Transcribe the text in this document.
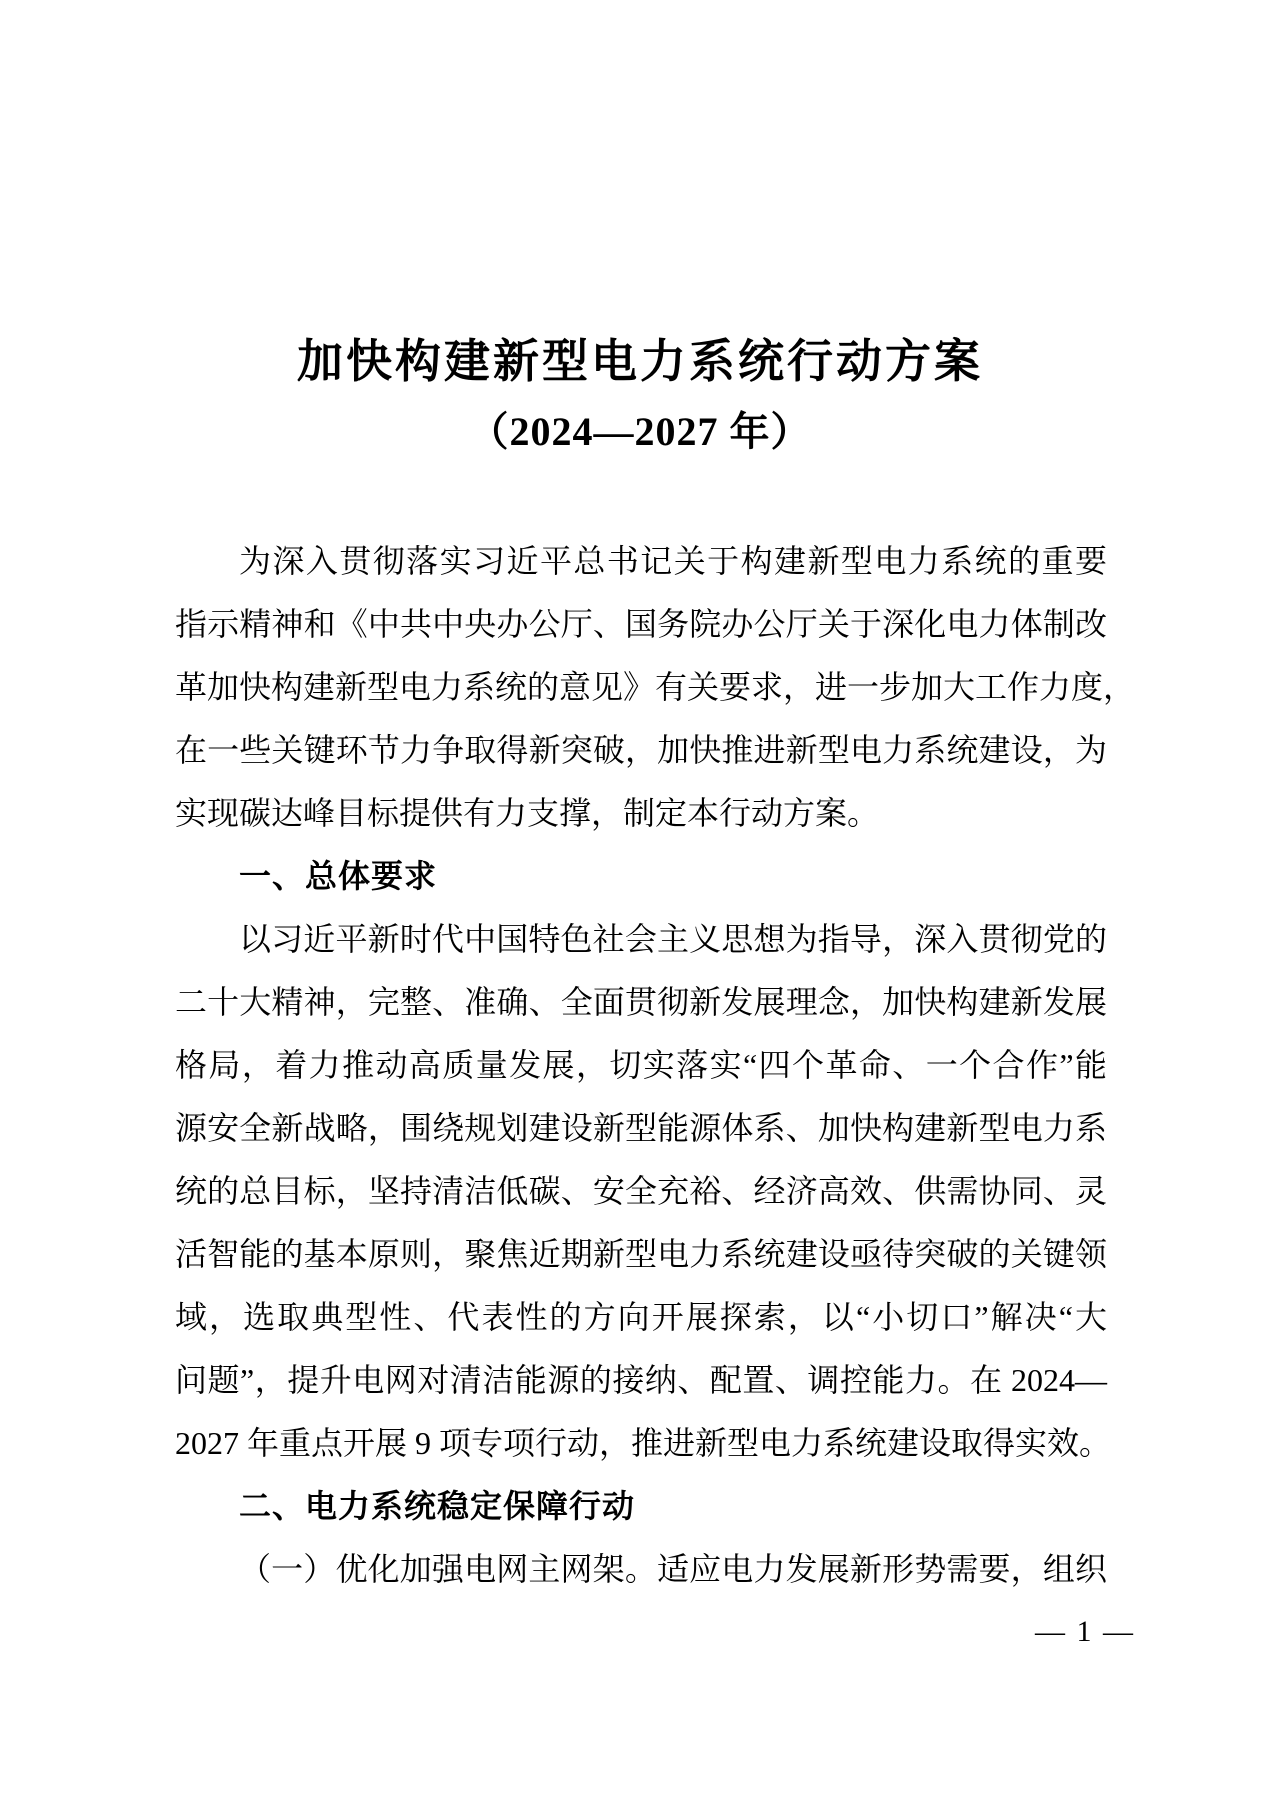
加快构建新型电力系统行动方案
（2024—2027 年）
为深入贯彻落实习近平总书记关于构建新型电力系统的重要
指示精神和《中共中央办公厅、国务院办公厅关于深化电力体制改
革加快构建新型电力系统的意见》有关要求，进一步加大工作力度，
在一些关键环节力争取得新突破，加快推进新型电力系统建设，为
实现碳达峰目标提供有力支撑，制定本行动方案。
一、总体要求
以习近平新时代中国特色社会主义思想为指导，深入贯彻党的
二十大精神，完整、准确、全面贯彻新发展理念，加快构建新发展
格局，着力推动高质量发展，切实落实“四个革命、一个合作”能
源安全新战略，围绕规划建设新型能源体系、加快构建新型电力系
统的总目标，坚持清洁低碳、安全充裕、经济高效、供需协同、灵
活智能的基本原则，聚焦近期新型电力系统建设亟待突破的关键领
域，选取典型性、代表性的方向开展探索，以“小切口”解决“大
问题”，提升电网对清洁能源的接纳、配置、调控能力。在 2024—
2027 年重点开展 9 项专项行动，推进新型电力系统建设取得实效。
二、电力系统稳定保障行动
（一）优化加强电网主网架。适应电力发展新形势需要，组织
— 1 —
